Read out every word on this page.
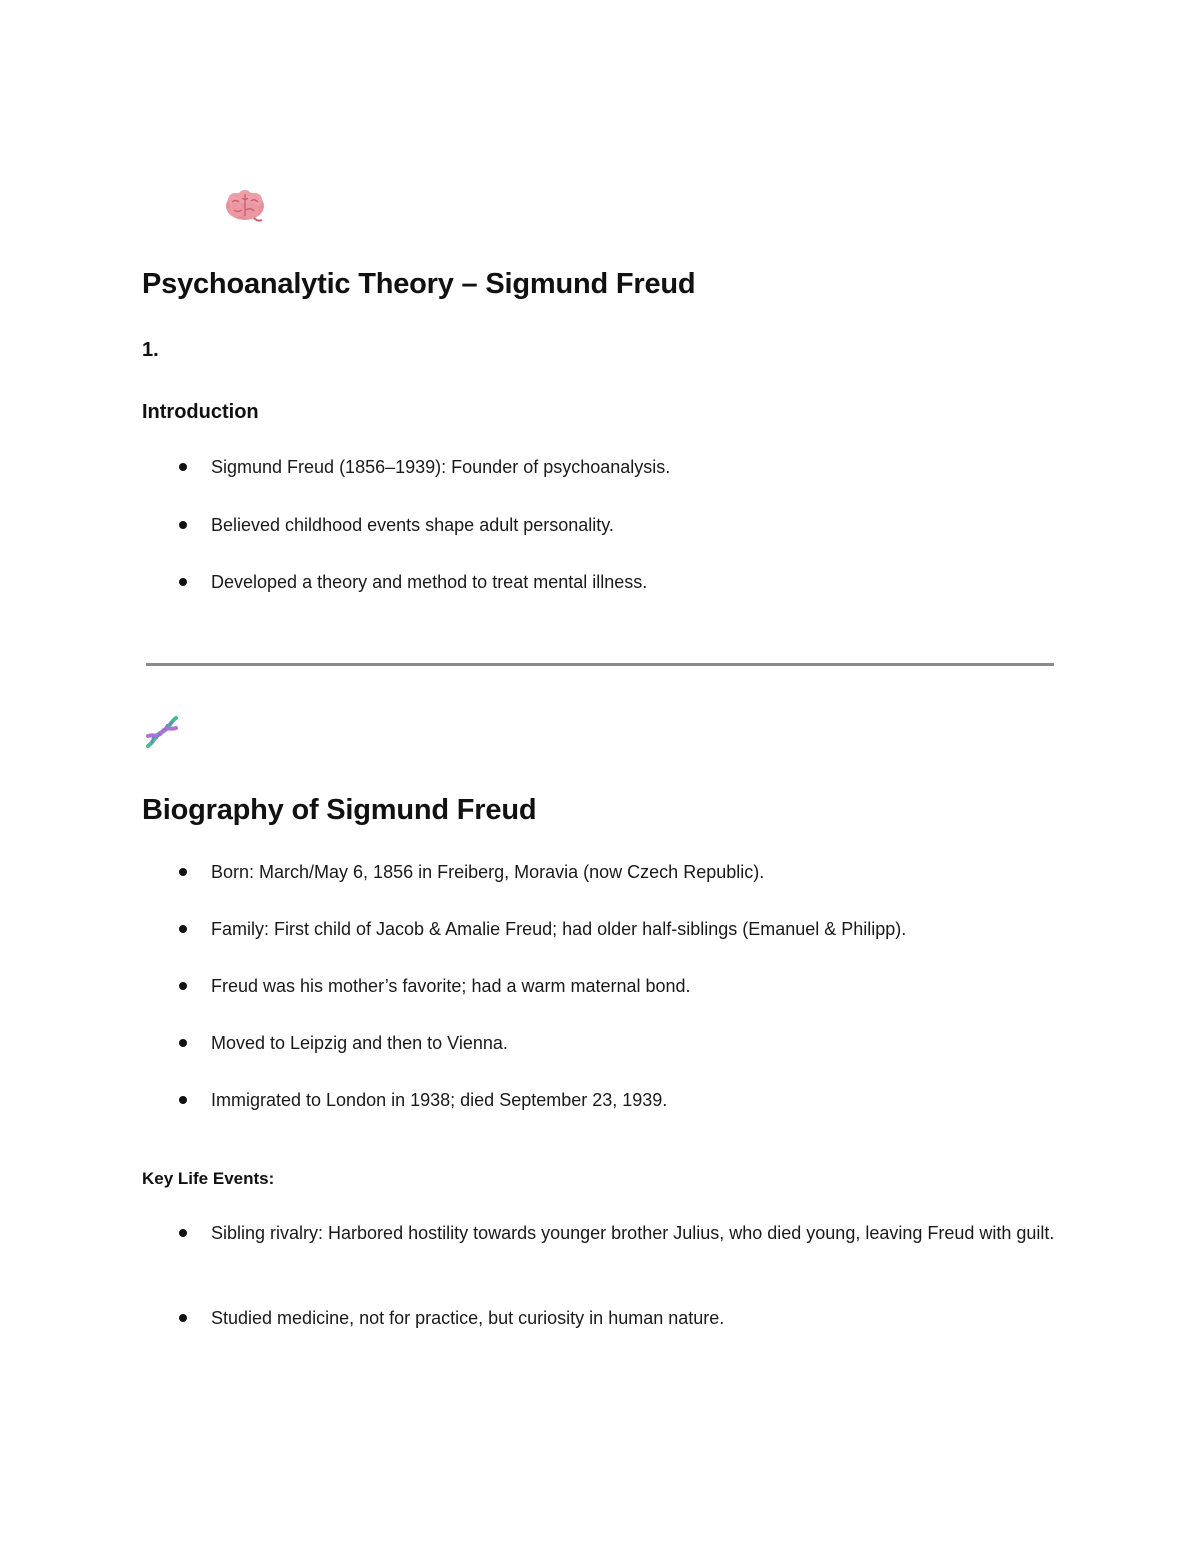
Psychoanalytic Theory – Sigmund Freud
1.
Introduction
Sigmund Freud (1856–1939): Founder of psychoanalysis.
Believed childhood events shape adult personality.
Developed a theory and method to treat mental illness.
Biography of Sigmund Freud
Born: March/May 6, 1856 in Freiberg, Moravia (now Czech Republic).
Family: First child of Jacob & Amalie Freud; had older half-siblings (Emanuel & Philipp).
Freud was his mother’s favorite; had a warm maternal bond.
Moved to Leipzig and then to Vienna.
Immigrated to London in 1938; died September 23, 1939.
Key Life Events:
Sibling rivalry: Harbored hostility towards younger brother Julius, who died young, leaving Freud with guilt.
Studied medicine, not for practice, but curiosity in human nature.
